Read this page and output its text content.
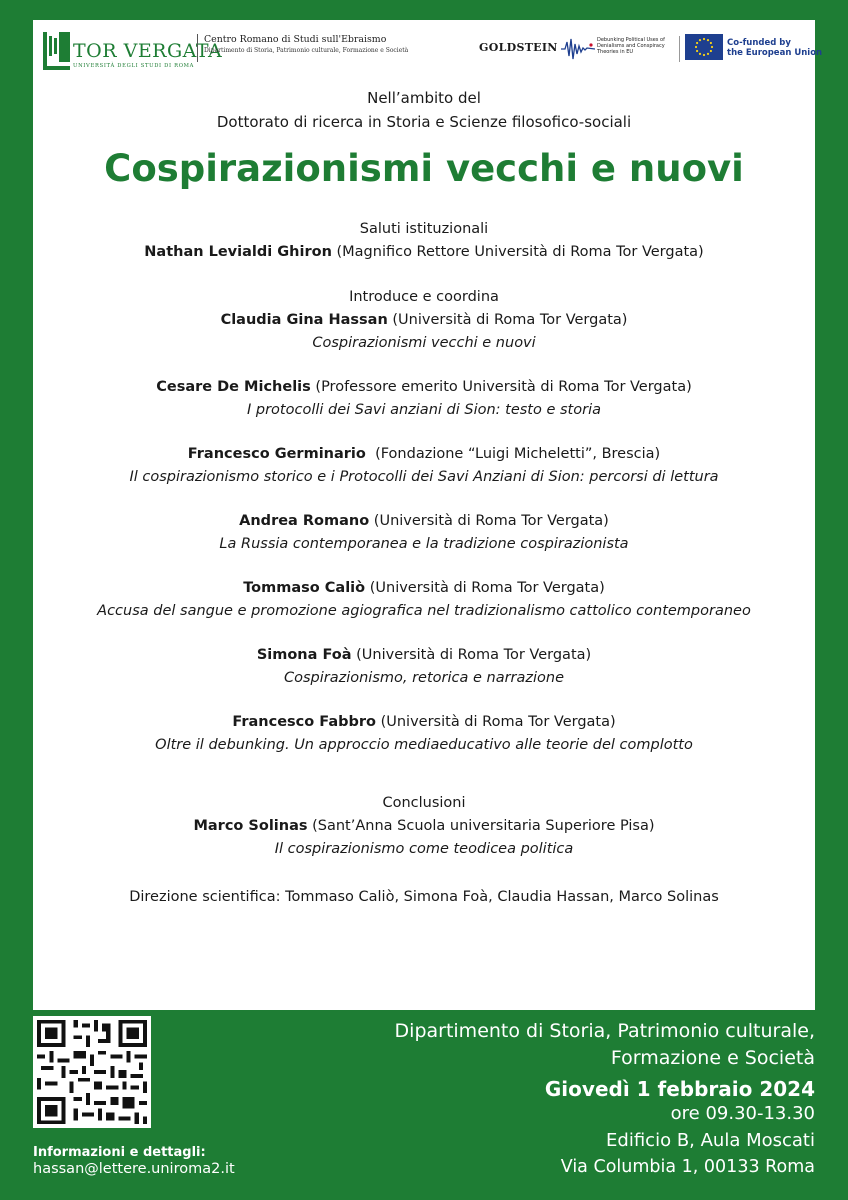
TOR VERGATA
UNIVERSITÀ DEGLI STUDI DI ROMA
Centro Romano di Studi sull'Ebraismo
Dipartimento di Storia, Patrimonio culturale, Formazione e Società	GOLDSTEIN
Debunking Political Uses of Denialisms and Conspiracy Theories in EU
Co-funded by
the European Union
Nell’ambito del
Dottorato di ricerca in Storia e Scienze filosofico-sociali
Cospirazionismi vecchi e nuovi
Saluti istituzionali
Nathan Levialdi Ghiron (Magnifico Rettore Università di Roma Tor Vergata)
Introduce e coordina
Claudia Gina Hassan (Università di Roma Tor Vergata)
Cospirazionismi vecchi e nuovi
Cesare De Michelis (Professore emerito Università di Roma Tor Vergata)
I protocolli dei Savi anziani di Sion: testo e storia
Francesco Germinario  (Fondazione “Luigi Micheletti”, Brescia)
Il cospirazionismo storico e i Protocolli dei Savi Anziani di Sion: percorsi di lettura
Andrea Romano (Università di Roma Tor Vergata)
La Russia contemporanea e la tradizione cospirazionista
Tommaso Caliò (Università di Roma Tor Vergata)
Accusa del sangue e promozione agiografica nel tradizionalismo cattolico contemporaneo
Simona Foà (Università di Roma Tor Vergata)
Cospirazionismo, retorica e narrazione
Francesco Fabbro (Università di Roma Tor Vergata)
Oltre il debunking. Un approccio mediaeducativo alle teorie del complotto
Conclusioni
Marco Solinas (Sant’Anna Scuola universitaria Superiore Pisa)
Il cospirazionismo come teodicea politica
Direzione scientifica: Tommaso Caliò, Simona Foà, Claudia Hassan, Marco Solinas
Informazioni e dettagli:
hassan@lettere.uniroma2.it
Dipartimento di Storia, Patrimonio culturale,
Formazione e Società
Giovedì 1 febbraio 2024
ore 09.30-13.30
Edificio B, Aula Moscati
Via Columbia 1, 00133 Roma
